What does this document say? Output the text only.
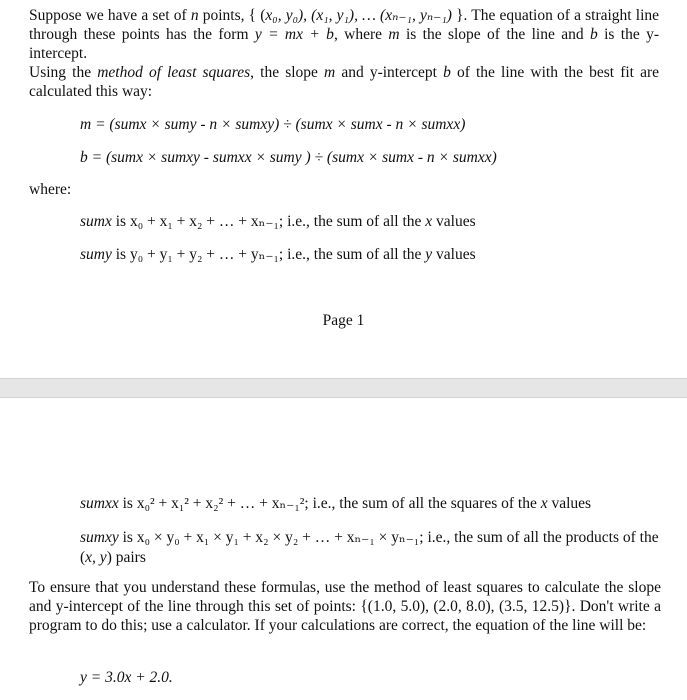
Suppose we have a set of n points, { (x₀, y₀), (x₁, y₁), … (xₙ₋₁, yₙ₋₁) }. The equation of a straight line through these points has the form y = mx + b, where m is the slope of the line and b is the y-intercept.
Using the method of least squares, the slope m and y-intercept b of the line with the best fit are calculated this way:
m = (sumx × sumy - n × sumxy) ÷ (sumx × sumx - n × sumxx)
b = (sumx × sumxy - sumxx × sumy ) ÷ (sumx × sumx - n × sumxx)
where:
sumx is x₀ + x₁ + x₂ + … + xₙ₋₁; i.e., the sum of all the x values
sumy is y₀ + y₁ + y₂ + … + yₙ₋₁; i.e., the sum of all the y values
Page 1
sumxx is x₀² + x₁² + x₂² + … + xₙ₋₁²; i.e., the sum of all the squares of the x values
sumxy is x₀ × y₀ + x₁ × y₁ + x₂ × y₂ + … + xₙ₋₁ × yₙ₋₁; i.e., the sum of all the products of the (x, y) pairs
To ensure that you understand these formulas, use the method of least squares to calculate the slope and y-intercept of the line through this set of points: {(1.0, 5.0), (2.0, 8.0), (3.5, 12.5)}. Don't write a program to do this; use a calculator. If your calculations are correct, the equation of the line will be:
y = 3.0x + 2.0.
